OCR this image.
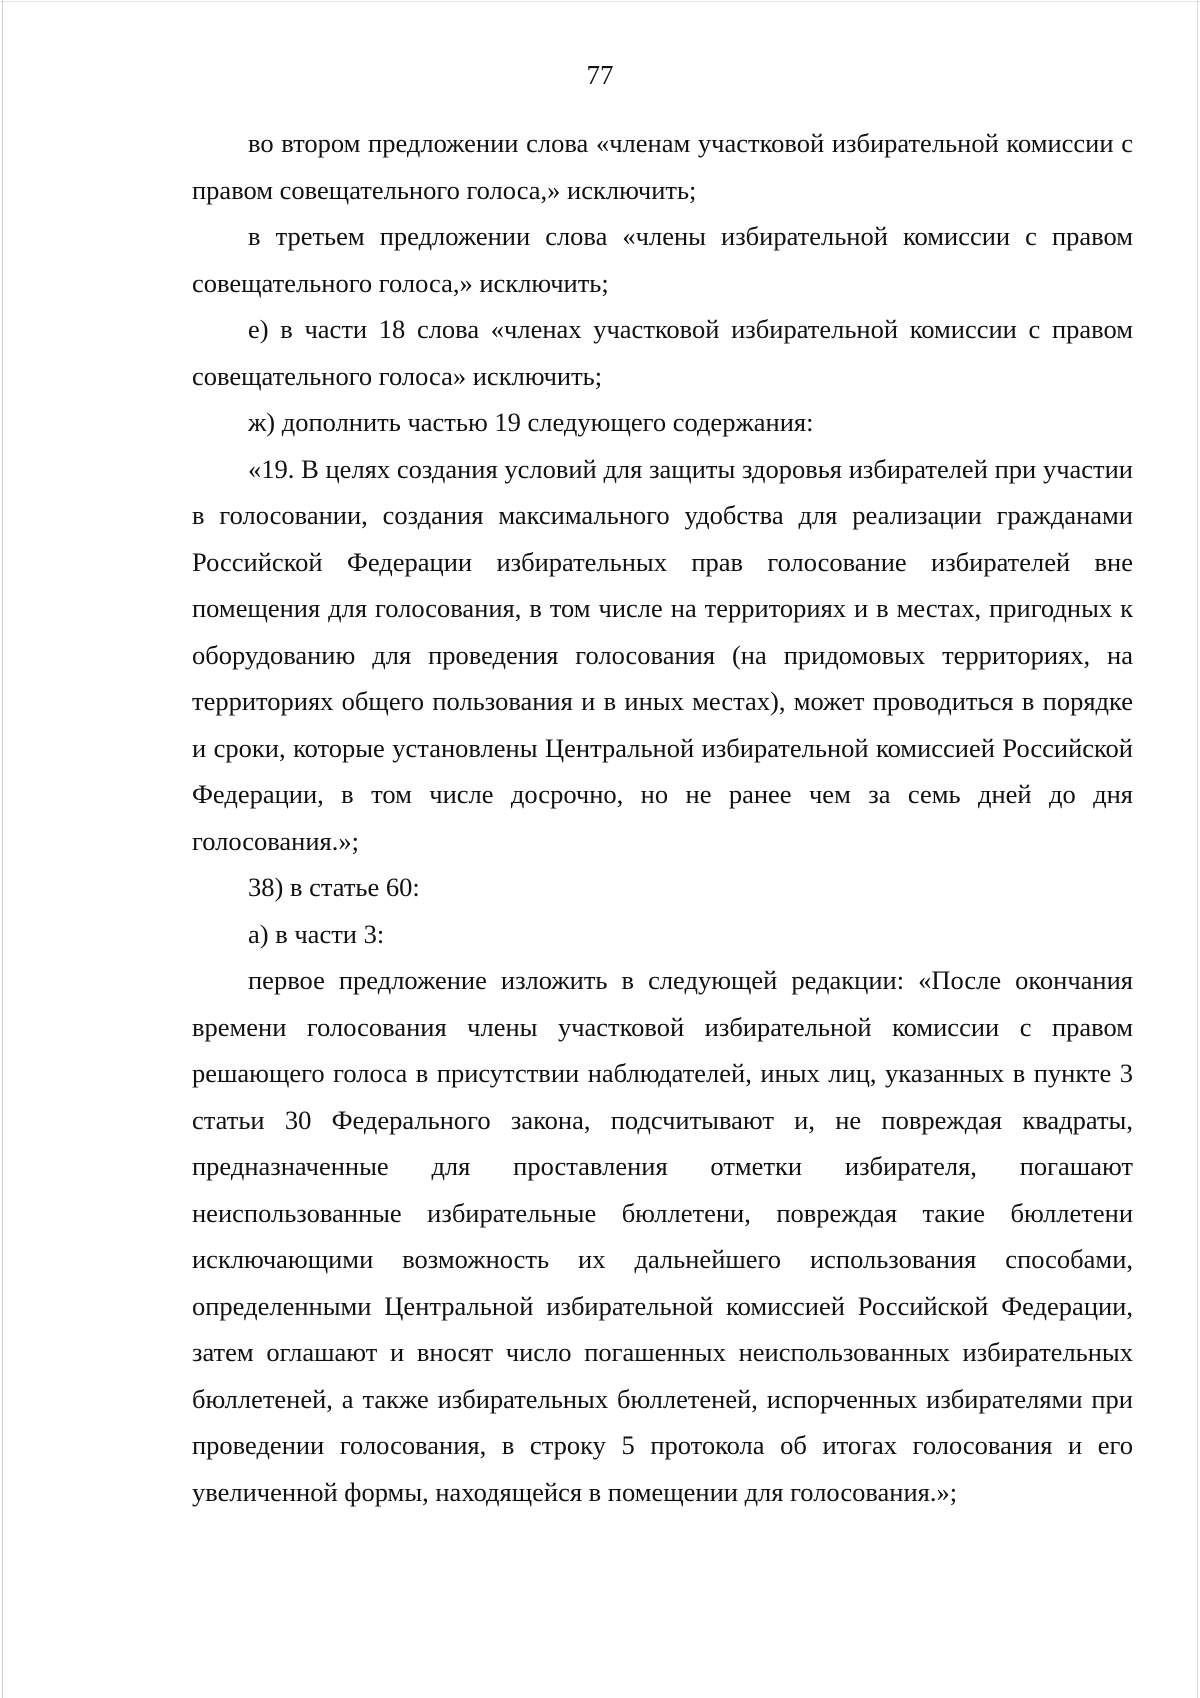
77

во втором предложении слова «членам участковой избирательной комиссии с правом совещательного голоса,» исключить;

в третьем предложении слова «члены избирательной комиссии с правом совещательного голоса,» исключить;

е) в части 18 слова «членах участковой избирательной комиссии с правом совещательного голоса» исключить;

ж) дополнить частью 19 следующего содержания:

«19. В целях создания условий для защиты здоровья избирателей при участии в голосовании, создания максимального удобства для реализации гражданами Российской Федерации избирательных прав голосование избирателей вне помещения для голосования, в том числе на территориях и в местах, пригодных к оборудованию для проведения голосования (на придомовых территориях, на территориях общего пользования и в иных местах), может проводиться в порядке и сроки, которые установлены Центральной избирательной комиссией Российской Федерации, в том числе досрочно, но не ранее чем за семь дней до дня голосования.»;

38) в статье 60:

а) в части 3:

первое предложение изложить в следующей редакции: «После окончания времени голосования члены участковой избирательной комиссии с правом решающего голоса в присутствии наблюдателей, иных лиц, указанных в пункте 3 статьи 30 Федерального закона, подсчитывают и, не повреждая квадраты, предназначенные для проставления отметки избирателя, погашают неиспользованные избирательные бюллетени, повреждая такие бюллетени исключающими возможность их дальнейшего использования способами, определенными Центральной избирательной комиссией Российской Федерации, затем оглашают и вносят число погашенных неиспользованных избирательных бюллетеней, а также избирательных бюллетеней, испорченных избирателями при проведении голосования, в строку 5 протокола об итогах голосования и его увеличенной формы, находящейся в помещении для голосования.»;
